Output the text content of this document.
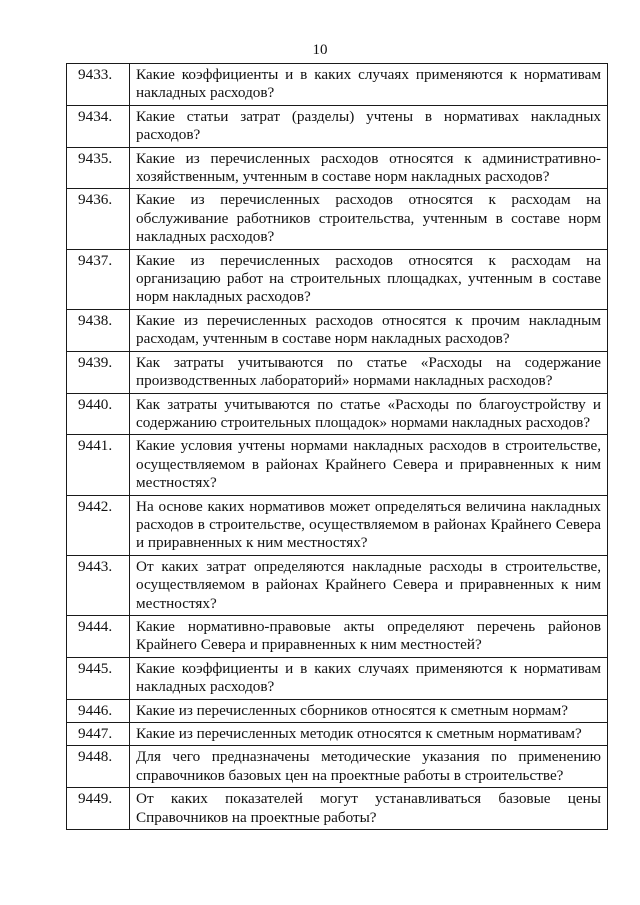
10
9433.	Какие коэффициенты и в каких случаях применяются к нормативам накладных расходов?
9434.	Какие статьи затрат (разделы) учтены в нормативах накладных расходов?
9435.	Какие из перечисленных расходов относятся к административно-хозяйственным, учтенным в составе норм накладных расходов?
9436.	Какие из перечисленных расходов относятся к расходам на обслуживание работников строительства, учтенным в составе норм накладных расходов?
9437.	Какие из перечисленных расходов относятся к расходам на организацию работ на строительных площадках, учтенным в составе норм накладных расходов?
9438.	Какие из перечисленных расходов относятся к прочим накладным расходам, учтенным в составе норм накладных расходов?
9439.	Как затраты учитываются по статье «Расходы на содержание производственных лабораторий» нормами накладных расходов?
9440.	Как затраты учитываются по статье «Расходы по благоустройству и содержанию строительных площадок» нормами накладных расходов?
9441.	Какие условия учтены нормами накладных расходов в строительстве, осуществляемом в районах Крайнего Севера и приравненных к ним местностях?
9442.	На основе каких нормативов может определяться величина накладных расходов в строительстве, осуществляемом в районах Крайнего Севера и приравненных к ним местностях?
9443.	От каких затрат определяются накладные расходы в строительстве, осуществляемом в районах Крайнего Севера и приравненных к ним местностях?
9444.	Какие нормативно-правовые акты определяют перечень районов Крайнего Севера и приравненных к ним местностей?
9445.	Какие коэффициенты и в каких случаях применяются к нормативам накладных расходов?
9446.	Какие из перечисленных сборников относятся к сметным нормам?
9447.	Какие из перечисленных методик относятся к сметным нормативам?
9448.	Для чего предназначены методические указания по применению справочников базовых цен на проектные работы в строительстве?
9449.	От каких показателей могут устанавливаться базовые цены Справочников на проектные работы?
